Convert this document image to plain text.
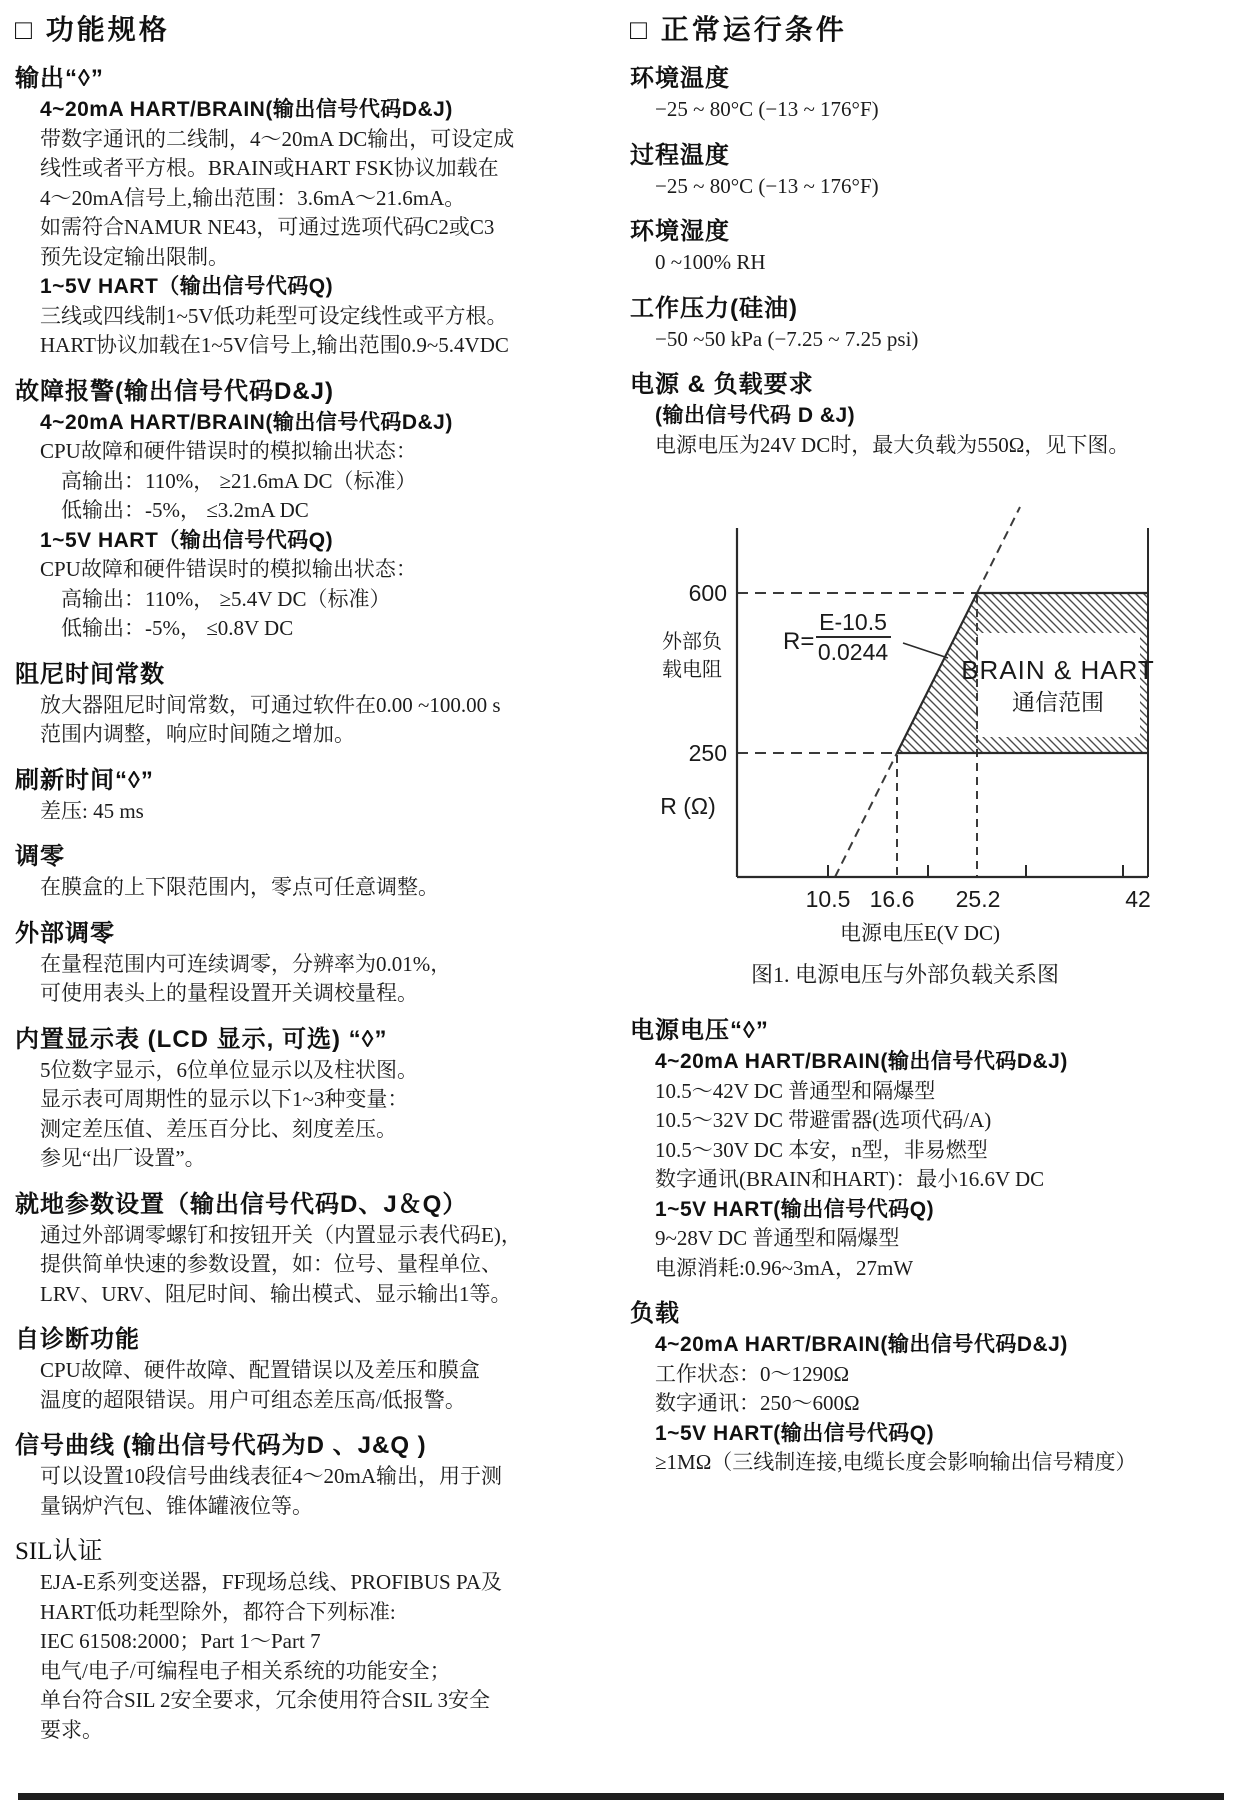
□ 功能规格
输出“◊”
4~20mA HART/BRAIN(输出信号代码D&J)
带数字通讯的二线制，4～20mA DC输出，可设定成
线性或者平方根。BRAIN或HART FSK协议加载在
4～20mA信号上,输出范围：3.6mA～21.6mA。
如需符合NAMUR NE43，可通过选项代码C2或C3
预先设定输出限制。
1~5V HART（输出信号代码Q)
三线或四线制1~5V低功耗型可设定线性或平方根。
HART协议加载在1~5V信号上,输出范围0.9~5.4VDC
故障报警(输出信号代码D&J)
4~20mA HART/BRAIN(输出信号代码D&J)
CPU故障和硬件错误时的模拟输出状态：
高输出：110%， ≥21.6mA DC（标准）
低输出：-5%， ≤3.2mA DC
1~5V HART（输出信号代码Q)
CPU故障和硬件错误时的模拟输出状态：
高输出：110%， ≥5.4V DC（标准）
低输出：-5%， ≤0.8V DC
阻尼时间常数
放大器阻尼时间常数，可通过软件在0.00 ~100.00 s
范围内调整，响应时间随之增加。
刷新时间“◊”
差压: 45 ms
调零
在膜盒的上下限范围内，零点可任意调整。
外部调零
在量程范围内可连续调零，分辨率为0.01%，
可使用表头上的量程设置开关调校量程。
内置显示表 (LCD 显示, 可选) “◊”
5位数字显示，6位单位显示以及柱状图。
显示表可周期性的显示以下1~3种变量：
测定差压值、差压百分比、刻度差压。
参见“出厂设置”。
就地参数设置（输出信号代码D、J＆Q）
通过外部调零螺钉和按钮开关（内置显示表代码E)，
提供简单快速的参数设置，如：位号、量程单位、
LRV、URV、阻尼时间、输出模式、显示输出1等。
自诊断功能
CPU故障、硬件故障、配置错误以及差压和膜盒
温度的超限错误。用户可组态差压高/低报警。
信号曲线 (输出信号代码为D 、J&Q )
可以设置10段信号曲线表征4～20mA输出，用于测
量锅炉汽包、锥体罐液位等。
SIL认证
EJA-E系列变送器，FF现场总线、PROFIBUS PA及
HART低功耗型除外，都符合下列标准:
IEC 61508:2000；Part 1～Part 7
电气/电子/可编程电子相关系统的功能安全；
单台符合SIL 2安全要求，冗余使用符合SIL 3安全
要求。
□ 正常运行条件
环境温度
−25 ~ 80°C (−13 ~ 176°F)
过程温度
−25 ~ 80°C (−13 ~ 176°F)
环境湿度
0 ~100% RH
工作压力(硅油)
−50 ~50 kPa (−7.25 ~ 7.25 psi)
电源 & 负载要求
(输出信号代码 D &J)
电源电压为24V DC时，最大负载为550Ω，见下图。
R=
E-10.5
0.0244
BRAIN & HART
通信范围
600
250
外部负
载电阻
R (Ω)
10.5 16.6 25.2	42
电源电压E(V DC)
图1. 电源电压与外部负载关系图
电源电压“◊”
4~20mA HART/BRAIN(输出信号代码D&J)
10.5～42V DC 普通型和隔爆型
10.5～32V DC 带避雷器(选项代码/A)
10.5～30V DC 本安，n型，非易燃型
数字通讯(BRAIN和HART)：最小16.6V DC
1~5V HART(输出信号代码Q)
9~28V DC 普通型和隔爆型
电源消耗:0.96~3mA，27mW
负载
4~20mA HART/BRAIN(输出信号代码D&J)
工作状态：0～1290Ω
数字通讯：250～600Ω
1~5V HART(输出信号代码Q)
≥1MΩ（三线制连接,电缆长度会影响输出信号精度）
